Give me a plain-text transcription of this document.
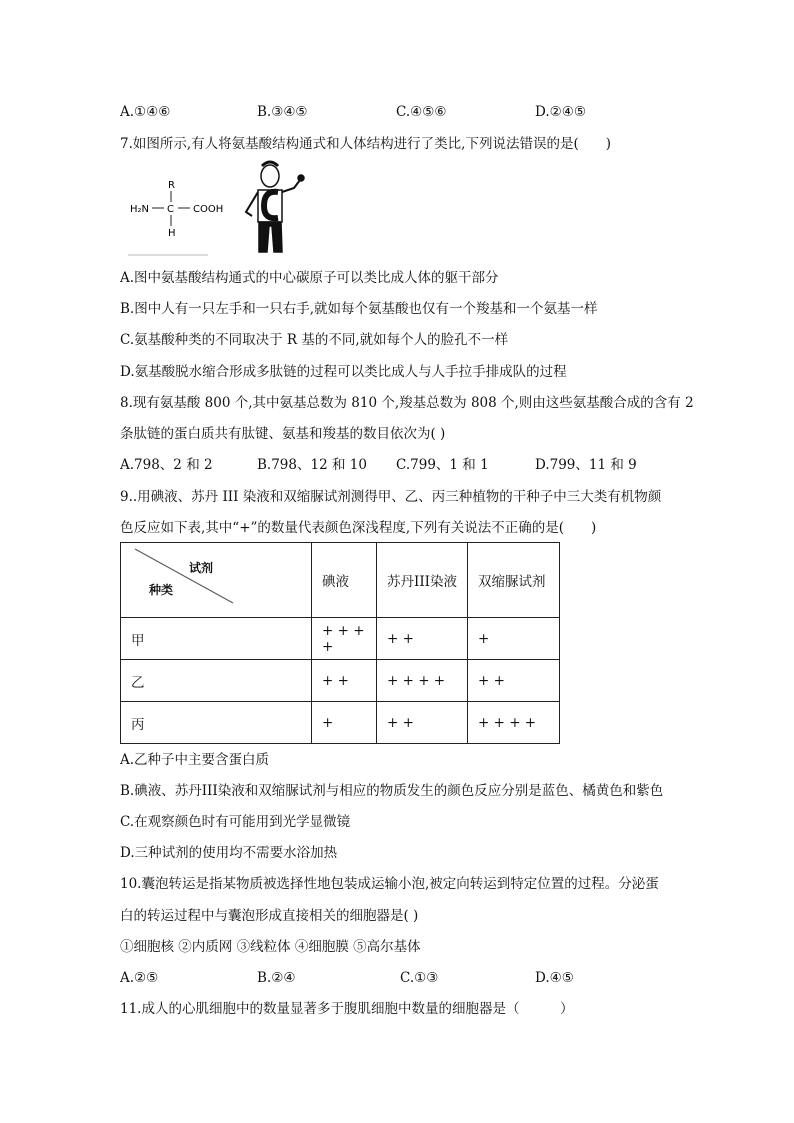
A.①④⑥	B.③④⑤	C.④⑤⑥	D.②④⑤
7.如图所示,有人将氨基酸结构通式和人体结构进行了类比,下列说法错误的是(　　)
R
H₂N C COOH
H
A.图中氨基酸结构通式的中心碳原子可以类比成人体的躯干部分
B.图中人有一只左手和一只右手,就如每个氨基酸也仅有一个羧基和一个氨基一样
C.氨基酸种类的不同取决于 R 基的不同,就如每个人的脸孔不一样
D.氨基酸脱水缩合形成多肽链的过程可以类比成人与人手拉手排成队的过程
8.现有氨基酸 800 个,其中氨基总数为 810 个,羧基总数为 808 个,则由这些氨基酸合成的含有 2
条肽链的蛋白质共有肽键、氨基和羧基的数目依次为( )
A.798、2 和 2	B.798、12 和 10 C.799、1 和 1	D.799、11 和 9
9..用碘液、苏丹 III 染液和双缩脲试剂测得甲、乙、丙三种植物的干种子中三大类有机物颜
色反应如下表,其中“+”的数量代表颜色深浅程度,下列有关说法不正确的是(　　)
试剂
种类	碘液	苏丹III染液	双缩脲试剂
甲	+ + + +	+ +	+
乙	+ +	+ + + +	+ +
丙	+	+ +	+ + + +
A.乙种子中主要含蛋白质
B.碘液、苏丹III染液和双缩脲试剂与相应的物质发生的颜色反应分别是蓝色、橘黄色和紫色
C.在观察颜色时有可能用到光学显微镜
D.三种试剂的使用均不需要水浴加热
10.囊泡转运是指某物质被选择性地包装成运输小泡,被定向转运到特定位置的过程。分泌蛋
白的转运过程中与囊泡形成直接相关的细胞器是( )
①细胞核 ②内质网 ③线粒体 ④细胞膜 ⑤高尔基体
A.②⑤	B.②④	C.①③	D.④⑤
11.成人的心肌细胞中的数量显著多于腹肌细胞中数量的细胞器是（　　　）
